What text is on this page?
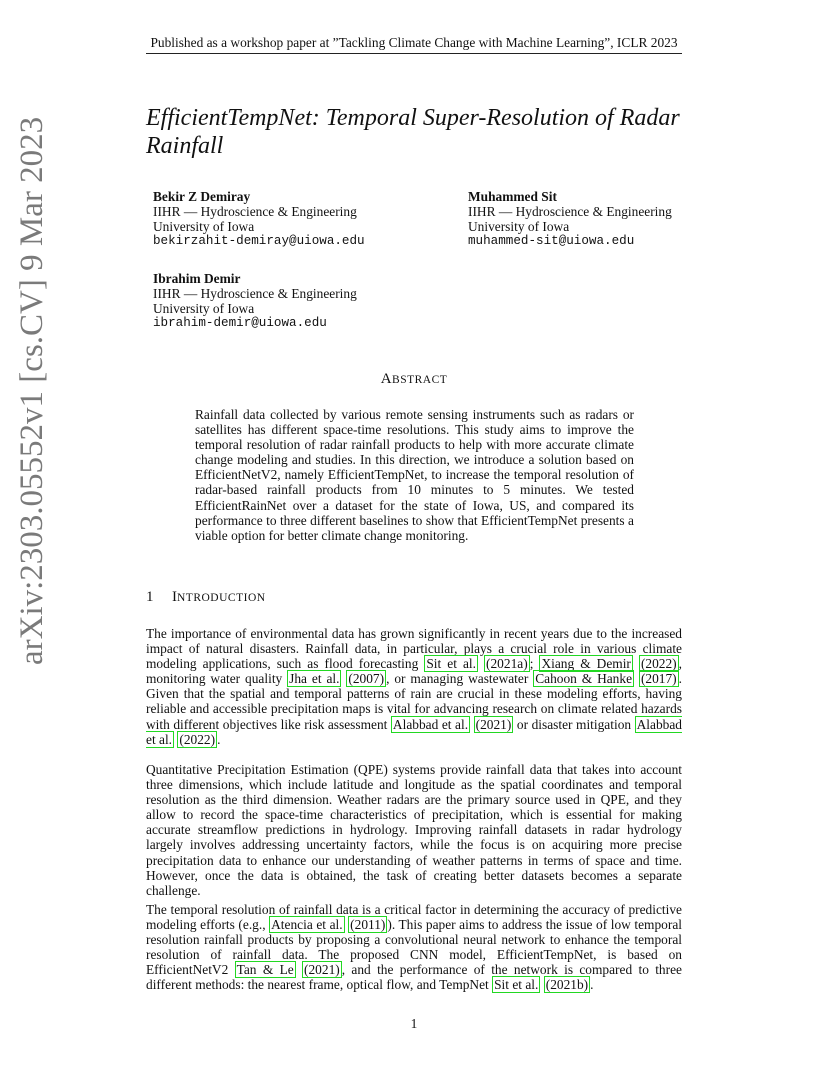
Published as a workshop paper at ”Tackling Climate Change with Machine Learning”, ICLR 2023
arXiv:2303.05552v1 [cs.CV] 9 Mar 2023	EfficientTempNet: Temporal Super-Resolution of Radar Rainfall
Bekir Z Demiray
IIHR — Hydroscience & Engineering
University of Iowa
bekirzahit-demiray@uiowa.edu
Muhammed Sit
IIHR — Hydroscience & Engineering
University of Iowa
muhammed-sit@uiowa.edu
Ibrahim Demir
IIHR — Hydroscience & Engineering
University of Iowa
ibrahim-demir@uiowa.edu
ABSTRACT
Rainfall data collected by various remote sensing instruments such as radars or satellites has different space-time resolutions. This study aims to improve the temporal resolution of radar rainfall products to help with more accurate climate change modeling and studies. In this direction, we introduce a solution based on EfficientNetV2, namely EfficientTempNet, to increase the temporal resolution of radar-based rainfall products from 10 minutes to 5 minutes. We tested EfficientRainNet over a dataset for the state of Iowa, US, and compared its performance to three different baselines to show that EfficientTempNet presents a viable option for better climate change monitoring.
1 INTRODUCTION
The importance of environmental data has grown significantly in recent years due to the increased impact of natural disasters. Rainfall data, in particular, plays a crucial role in various climate modeling applications, such as flood forecasting Sit et al. (2021a) ; Xiang & Demir (2022) , monitoring water quality Jha et al. (2007) , or managing wastewater Cahoon & Hanke (2017) . Given that the spatial and temporal patterns of rain are crucial in these modeling efforts, having reliable and accessible precipitation maps is vital for advancing research on climate related hazards with different objectives like risk assessment Alabbad et al. (2021) or disaster mitigation Alabbad et al. (2022) .
Quantitative Precipitation Estimation (QPE) systems provide rainfall data that takes into account three dimensions, which include latitude and longitude as the spatial coordinates and temporal resolution as the third dimension. Weather radars are the primary source used in QPE, and they allow to record the space-time characteristics of precipitation, which is essential for making accurate streamflow predictions in hydrology. Improving rainfall datasets in radar hydrology largely involves addressing uncertainty factors, while the focus is on acquiring more precise precipitation data to enhance our understanding of weather patterns in terms of space and time. However, once the data is obtained, the task of creating better datasets becomes a separate challenge.
The temporal resolution of rainfall data is a critical factor in determining the accuracy of predictive modeling efforts (e.g., Atencia et al. (2011) ). This paper aims to address the issue of low temporal resolution rainfall products by proposing a convolutional neural network to enhance the temporal resolution of rainfall data. The proposed CNN model, EfficientTempNet, is based on EfficientNetV2 Tan & Le (2021) , and the performance of the network is compared to three different methods: the nearest frame, optical flow, and TempNet Sit et al. (2021b) .
1
